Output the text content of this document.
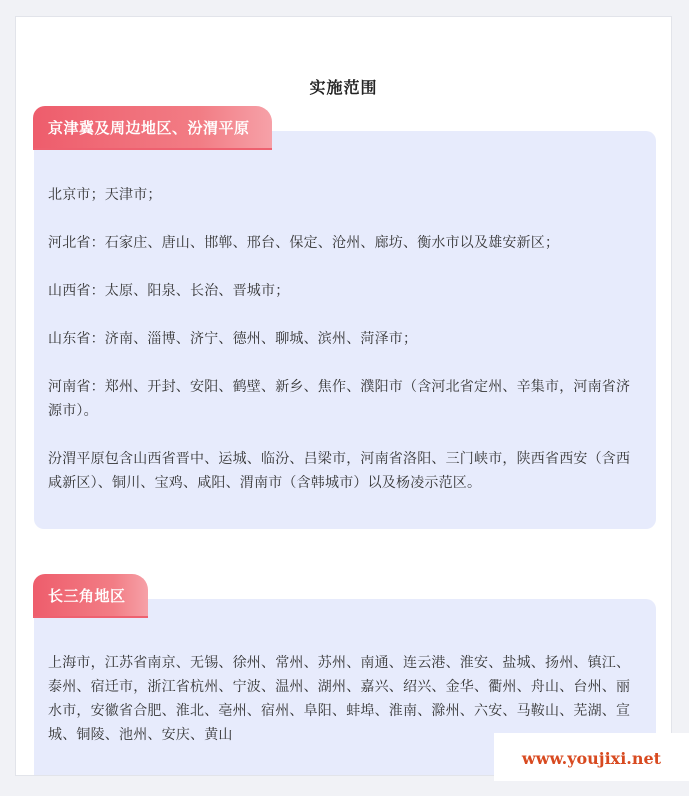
实施范围
京津冀及周边地区、汾渭平原
北京市；天津市；
河北省：石家庄、唐山、邯郸、邢台、保定、沧州、廊坊、衡水市以及雄安新区；
山西省：太原、阳泉、长治、晋城市；
山东省：济南、淄博、济宁、德州、聊城、滨州、菏泽市；
河南省：郑州、开封、安阳、鹤壁、新乡、焦作、濮阳市（含河北省定州、辛集市，河南省济源市）。
汾渭平原包含山西省晋中、运城、临汾、吕梁市，河南省洛阳、三门峡市，陕西省西安（含西咸新区）、铜川、宝鸡、咸阳、渭南市（含韩城市）以及杨凌示范区。
长三角地区
上海市，江苏省南京、无锡、徐州、常州、苏州、南通、连云港、淮安、盐城、扬州、镇江、泰州、宿迁市，浙江省杭州、宁波、温州、湖州、嘉兴、绍兴、金华、衢州、舟山、台州、丽水市，安徽省合肥、淮北、亳州、宿州、阜阳、蚌埠、淮南、滁州、六安、马鞍山、芜湖、宣城、铜陵、池州、安庆、黄山
www.youjixi.net
